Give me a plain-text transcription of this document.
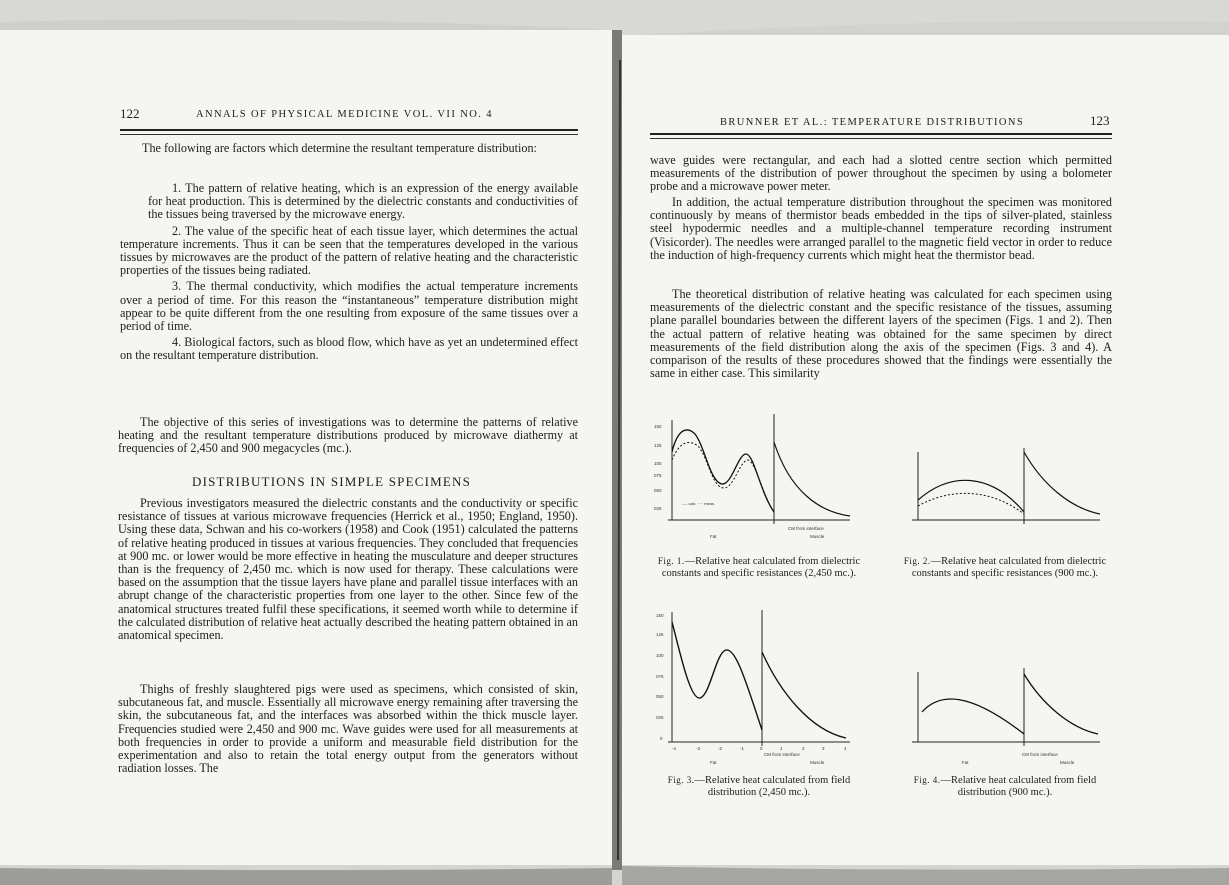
122	ANNALS OF PHYSICAL MEDICINE VOL. VII NO. 4

The following are factors which determine the resultant temperature distribution:

1. The pattern of relative heating, which is an expression of the energy available for heat production. This is determined by the dielectric constants and conductivities of the tissues being traversed by the microwave energy.

2. The value of the specific heat of each tissue layer, which determines the actual temperature increments. Thus it can be seen that the temperatures developed in the various tissues by microwaves are the product of the pattern of relative heating and the characteristic properties of the tissues being radiated.

3. The thermal conductivity, which modifies the actual temperature increments over a period of time. For this reason the “instantaneous” temperature distribution might appear to be quite different from the one resulting from exposure of the same tissues over a period of time.

4. Biological factors, such as blood flow, which have as yet an undetermined effect on the resultant temperature distribution.

The objective of this series of investigations was to determine the patterns of relative heating and the resultant temperature distributions produced by microwave diathermy at frequencies of 2,450 and 900 megacycles (mc.).

DISTRIBUTIONS IN SIMPLE SPECIMENS

Previous investigators measured the dielectric constants and the conductivity or specific resistance of tissues at various microwave frequencies (Herrick et al., 1950; England, 1950). Using these data, Schwan and his co-workers (1958) and Cook (1951) calculated the patterns of relative heating produced in tissues at various frequencies. They concluded that frequencies at 900 mc. or lower would be more effective in heating the musculature and deeper structures than is the frequency of 2,450 mc. which is now used for therapy. These calculations were based on the assumption that the tissue layers have plane and parallel tissue interfaces with an abrupt change of the characteristic properties from one layer to the other. Since few of the anatomical structures treated fulfil these specifications, it seemed worth while to determine if the calculated distribution of relative heat actually described the heating pattern obtained in an anatomical specimen.

Thighs of freshly slaughtered pigs were used as specimens, which consisted of skin, subcutaneous fat, and muscle. Essentially all microwave energy remaining after traversing the skin, the subcutaneous fat, and the interfaces was absorbed within the thick muscle layer. Frequencies studied were 2,450 and 900 mc. Wave guides were used for all measurements at both frequencies in order to provide a uniform and measurable field distribution for the experimentation and also to retain the total energy output from the generators without radiation losses. The

BRUNNER ET AL.: TEMPERATURE DISTRIBUTIONS	123

wave guides were rectangular, and each had a slotted centre section which permitted measurements of the distribution of power throughout the specimen by using a bolometer probe and a microwave power meter.

In addition, the actual temperature distribution throughout the specimen was monitored continuously by means of thermistor beads embedded in the tips of silver-plated, stainless steel hypodermic needles and a multiple-channel temperature recording instrument (Visicorder). The needles were arranged parallel to the magnetic field vector in order to reduce the induction of high-frequency currents which might heat the thermistor bead.

The theoretical distribution of relative heating was calculated for each specimen using measurements of the dielectric constant and the specific resistance of the tissues, assuming plane parallel boundaries between the different layers of the specimen (Figs. 1 and 2). Then the actual pattern of relative heating was obtained for the same specimen by direct measurements of the field distribution along the axis of the specimen (Figs. 3 and 4). A comparison of the results of these procedures showed that the findings were essentially the same in either case. This similarity

150
125
100
075
050
025
---- calc. ···· meas.
CM from interface
Fat	Muscle
150
125
100
075
050
025
0
-4	-3	-2	-1	0	1	2	3	4
CM from interface
Fat	Muscle
CM from interface
Fat	Muscle
Fig. 1.—Relative heat calculated from dielectric constants and specific resistances (2,450 mc.).
Fig. 2.—Relative heat calculated from dielectric constants and specific resistances (900 mc.).
Fig. 3.—Relative heat calculated from field distribution (2,450 mc.).
Fig. 4.—Relative heat calculated from field distribution (900 mc.).
